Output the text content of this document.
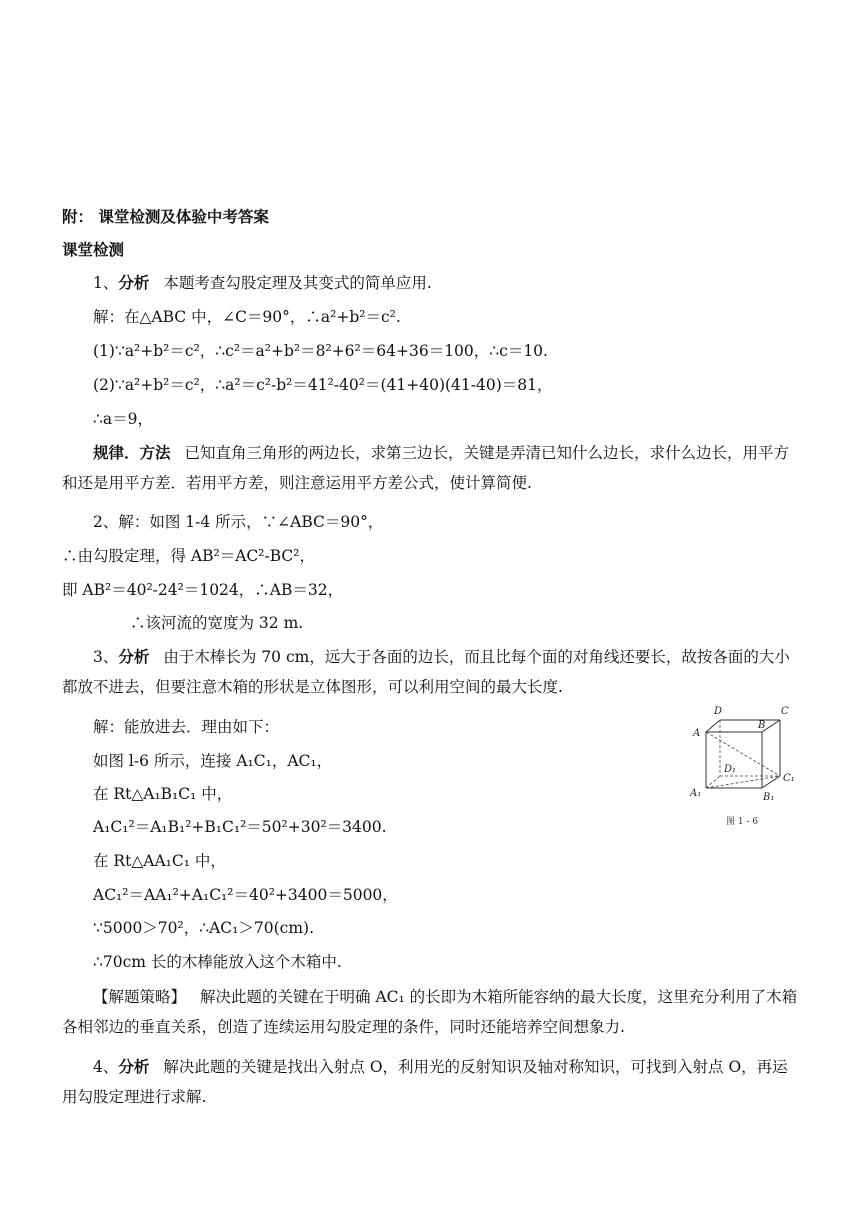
附： 课堂检测及体验中考答案
课堂检测
1、分析 本题考查勾股定理及其变式的简单应用.
解：在△ABC 中，∠C＝90°，∴a²+b²＝c².
(1)∵a²+b²＝c²，∴c²＝a²+b²＝8²+6²＝64+36＝100，∴c＝10.
(2)∵a²+b²＝c²，∴a²＝c²-b²＝41²-40²＝(41+40)(41-40)＝81，
∴a＝9，
规律．方法 已知直角三角形的两边长，求第三边长，关键是弄清已知什么边长，求什么边长，用平方和还是用平方差．若用平方差，则注意运用平方差公式，使计算简便.
2、解：如图 1-4 所示，∵∠ABC＝90°，
∴由勾股定理，得 AB²＝AC²-BC²，
即 AB²＝40²-24²＝1024，∴AB＝32，
∴该河流的宽度为 32 m.
3、分析 由于木棒长为 70 cm，远大于各面的边长，而且比每个面的对角线还要长，故按各面的大小都放不进去，但要注意木箱的形状是立体图形，可以利用空间的最大长度.
解：能放进去．理由如下：
如图 l-6 所示，连接 A₁C₁，AC₁，
在 Rt△A₁B₁C₁ 中，
A₁C₁²＝A₁B₁²+B₁C₁²＝50²+30²＝3400.
在 Rt△AA₁C₁ 中，
AC₁²＝AA₁²+A₁C₁²＝40²+3400＝5000，
∵5000＞70²，∴AC₁＞70(cm).
∴70cm 长的木棒能放入这个木箱中.
【解题策略】 解决此题的关键在于明确 AC₁ 的长即为木箱所能容纳的最大长度，这里充分利用了木箱各相邻边的垂直关系，创造了连续运用勾股定理的条件，同时还能培养空间想象力.
4、分析 解决此题的关键是找出入射点 O，利用光的反射知识及轴对称知识，可找到入射点 O，再运用勾股定理进行求解.
D	C
A
B
D₁
C₁
A₁	B₁
图 1 - 6
